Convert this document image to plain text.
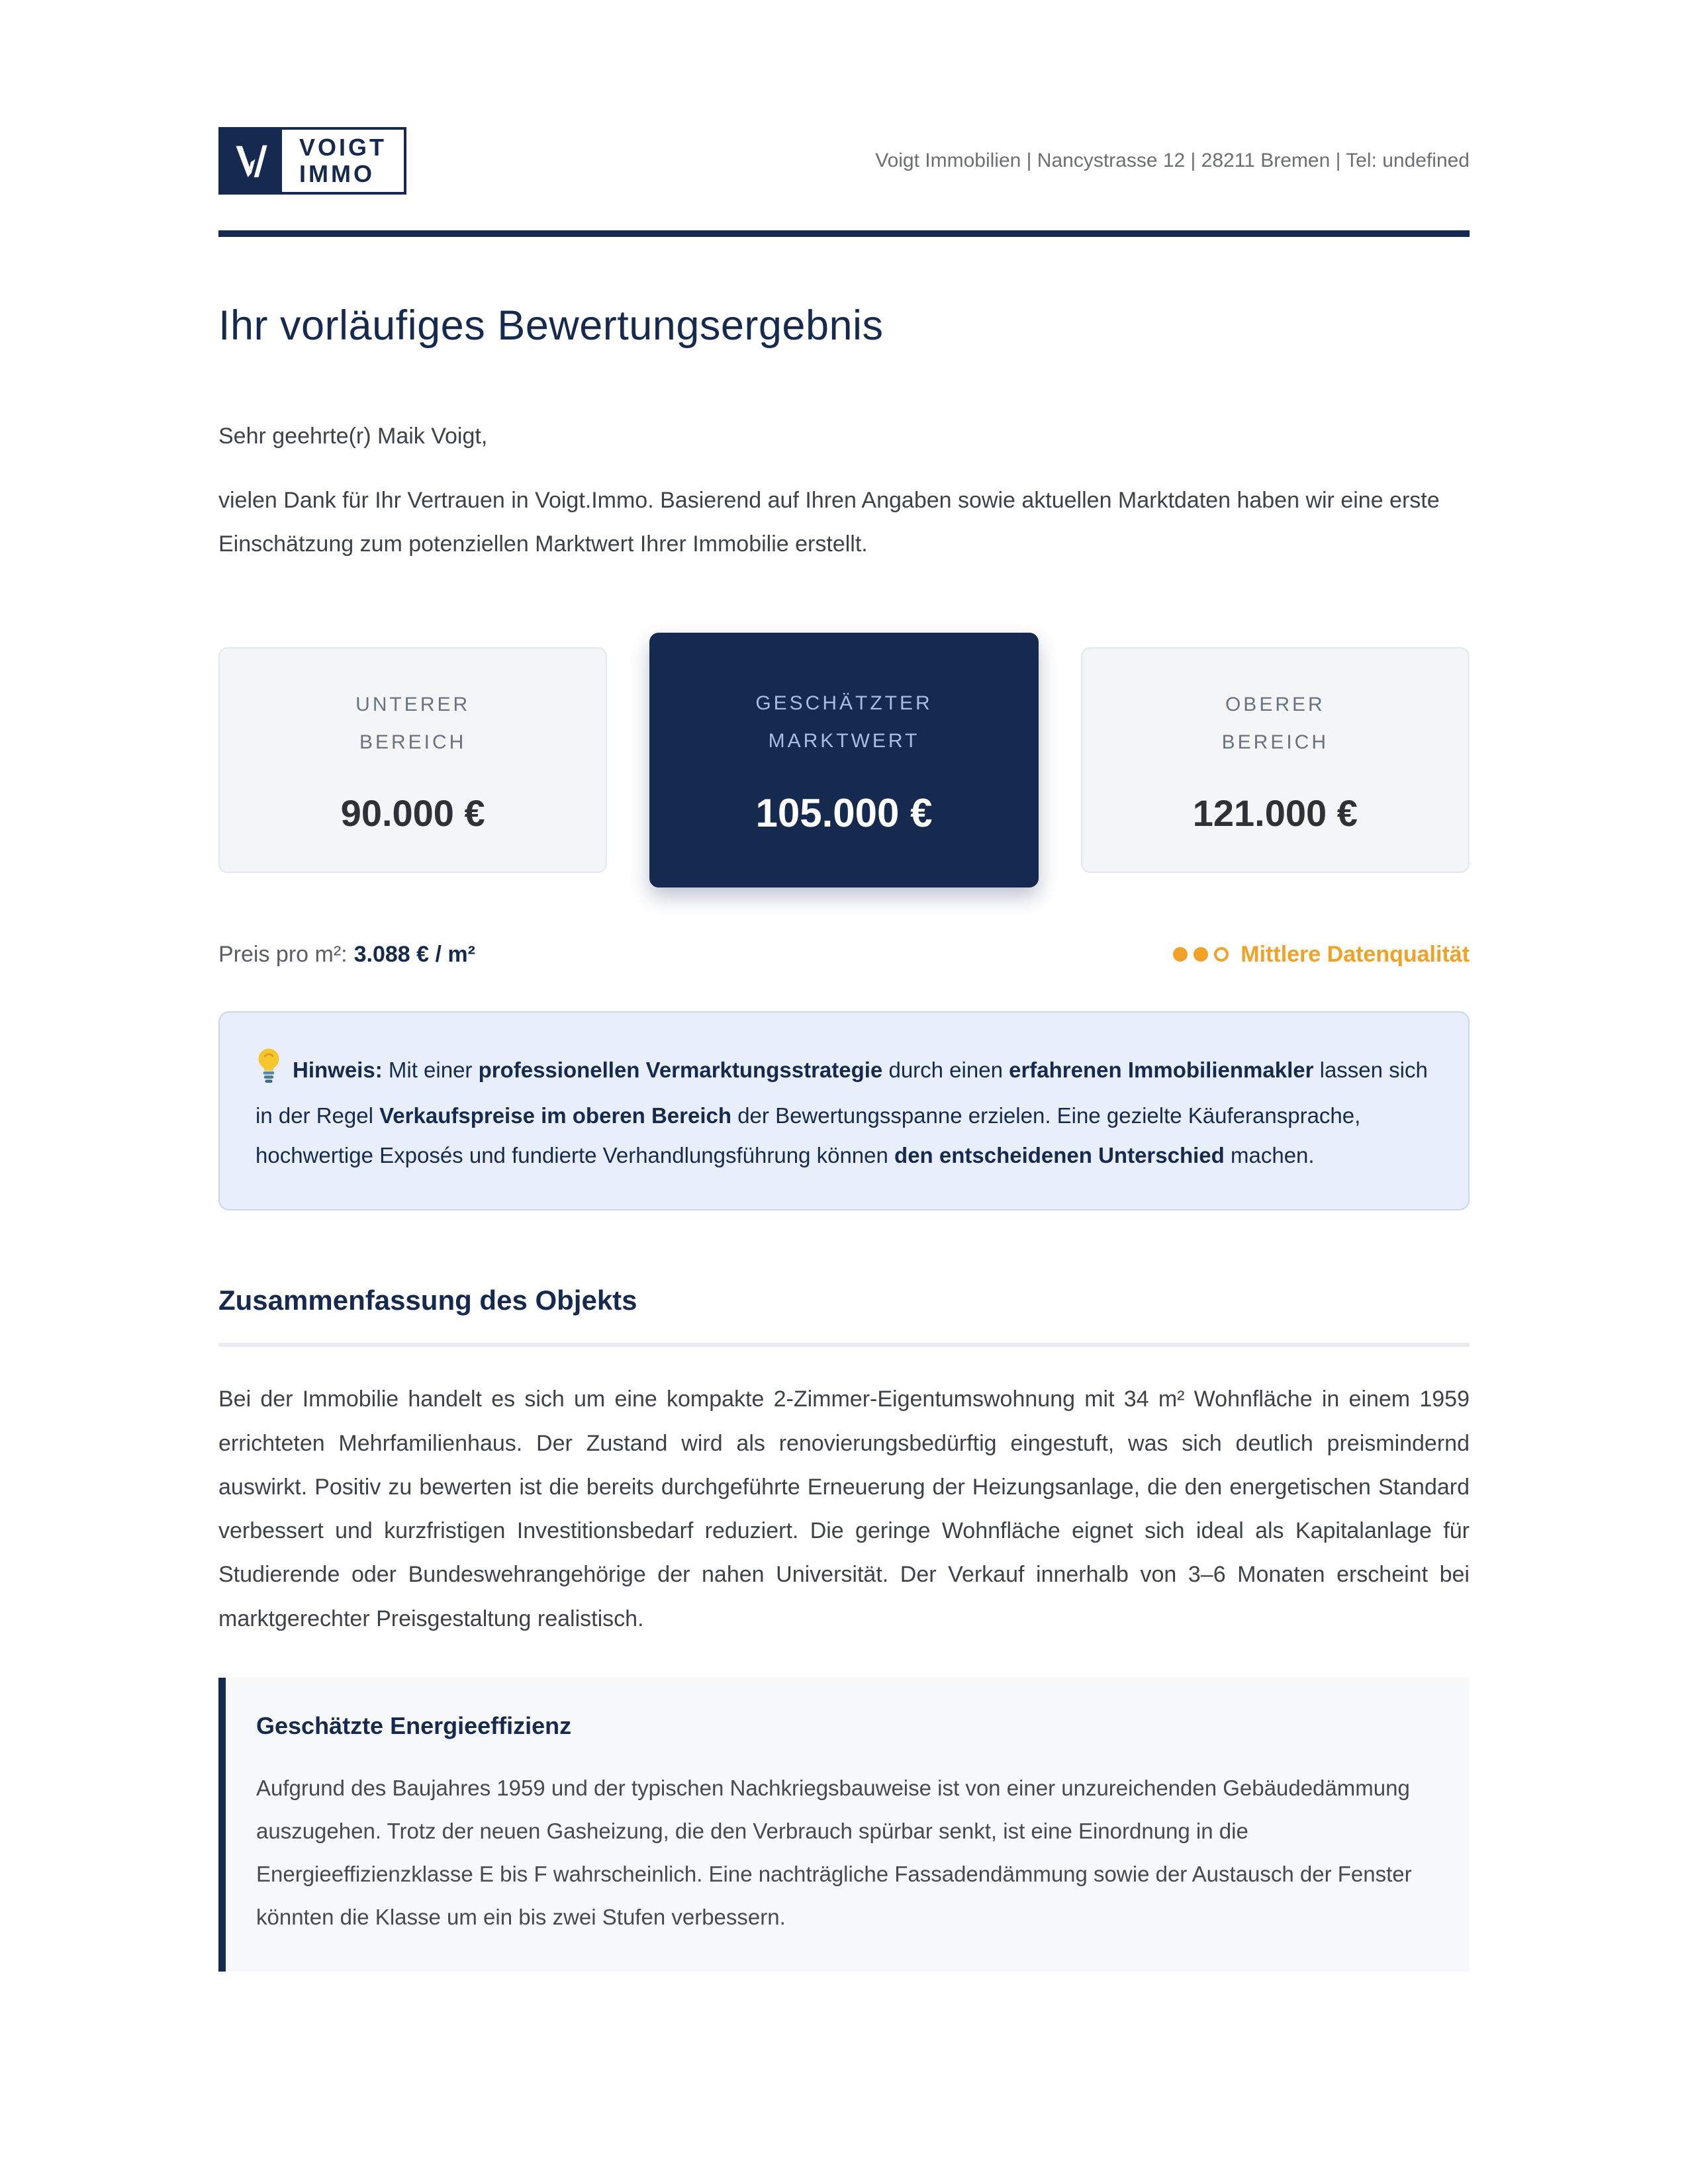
VOIGT
IMMO	Voigt Immobilien | Nancystrasse 12 | 28211 Bremen | Tel: undefined
Ihr vorläufiges Bewertungsergebnis

Sehr geehrte(r) Maik Voigt,

vielen Dank für Ihr Vertrauen in Voigt.Immo. Basierend auf Ihren Angaben sowie aktuellen Marktdaten haben wir eine erste Einschätzung zum potenziellen Marktwert Ihrer Immobilie erstellt.

UNTERER
BEREICH
90.000 €
GESCHÄTZTER
MARKTWERT
105.000 €
OBERER
BEREICH
121.000 €
Preis pro m²: 3.088 € / m²	Mittlere Datenqualität
Hinweis: Mit einer professionellen Vermarktungsstrategie durch einen erfahrenen Immobilienmakler lassen sich in der Regel Verkaufspreise im oberen Bereich der Bewertungsspanne erzielen. Eine gezielte Käuferansprache, hochwertige Exposés und fundierte Verhandlungsführung können den entscheidenen Unterschied machen.
Zusammenfassung des Objekts

Bei der Immobilie handelt es sich um eine kompakte 2-Zimmer-Eigentumswohnung mit 34 m² Wohnfläche in einem 1959 errichteten Mehrfamilienhaus. Der Zustand wird als renovierungsbedürftig eingestuft, was sich deutlich preismindernd auswirkt. Positiv zu bewerten ist die bereits durchgeführte Erneuerung der Heizungsanlage, die den energetischen Standard verbessert und kurzfristigen Investitionsbedarf reduziert. Die geringe Wohnfläche eignet sich ideal als Kapitalanlage für Studierende oder Bundeswehrangehörige der nahen Universität. Der Verkauf innerhalb von 3–6 Monaten erscheint bei marktgerechter Preisgestaltung realistisch.

Geschätzte Energieeffizienz

Aufgrund des Baujahres 1959 und der typischen Nachkriegsbauweise ist von einer unzureichenden Gebäudedämmung auszugehen. Trotz der neuen Gasheizung, die den Verbrauch spürbar senkt, ist eine Einordnung in die Energieeffizienzklasse E bis F wahrscheinlich. Eine nachträgliche Fassadendämmung sowie der Austausch der Fenster könnten die Klasse um ein bis zwei Stufen verbessern.
